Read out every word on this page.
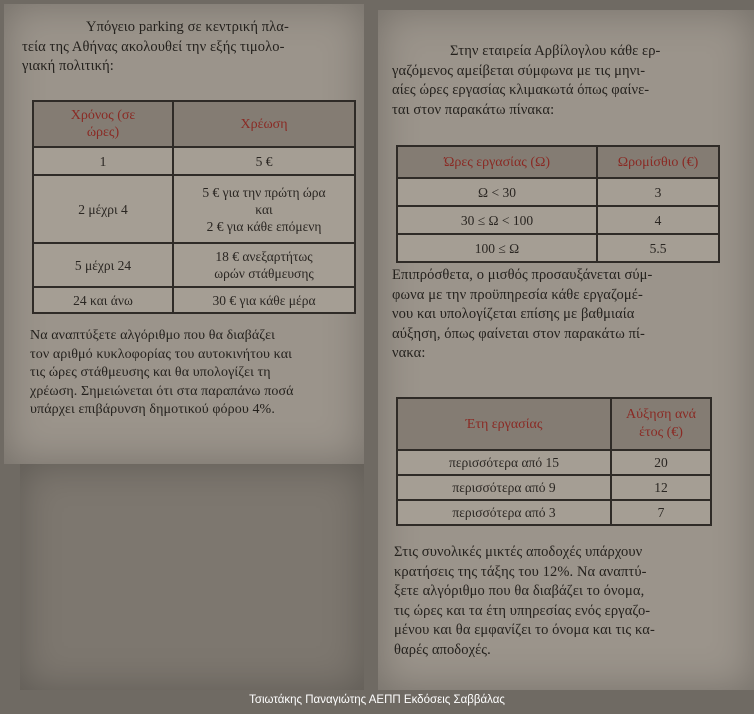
Υπόγειο parking σε κεντρική πλα-
τεία της Αθήνας ακολουθεί την εξής τιμολο-
γιακή πολιτική:
Χρόνος (σε ώρες)	Χρέωση
1	5 €
2 μέχρι 4	5 € για την πρώτη ώρα
και
2 € για κάθε επόμενη

5 μέχρι 24	18 € ανεξαρτήτως
ωρών στάθμευσης

24 και άνω	30 € για κάθε μέρα
Να αναπτύξετε αλγόριθμο που θα διαβάζει
τον αριθμό κυκλοφορίας του αυτοκινήτου και
τις ώρες στάθμευσης και θα υπολογίζει τη
χρέωση. Σημειώνεται ότι στα παραπάνω ποσά
υπάρχει επιβάρυνση δημοτικού φόρου 4%.
Στην εταιρεία Αρβίλογλου κάθε ερ-
γαζόμενος αμείβεται σύμφωνα με τις μηνι-
αίες ώρες εργασίας κλιμακωτά όπως φαίνε-
ται στον παρακάτω πίνακα:
Ώρες εργασίας (Ω)	Ωρομίσθιο (€)
Ω < 30	3
30 ≤ Ω < 100	4
100 ≤ Ω	5.5
Επιπρόσθετα, ο μισθός προσαυξάνεται σύμ-
φωνα με την προϋπηρεσία κάθε εργαζομέ-
νου και υπολογίζεται επίσης με βαθμιαία
αύξηση, όπως φαίνεται στον παρακάτω πί-
νακα:
Έτη εργασίας	Αύξηση ανά έτος (€)
περισσότερα από 15	20
περισσότερα από 9	12
περισσότερα από 3	7
Στις συνολικές μικτές αποδοχές υπάρχουν
κρατήσεις της τάξης του 12%. Να αναπτύ-
ξετε αλγόριθμο που θα διαβάζει το όνομα,
τις ώρες και τα έτη υπηρεσίας ενός εργαζο-
μένου και θα εμφανίζει το όνομα και τις κα-
θαρές αποδοχές.
Τσιωτάκης Παναγιώτης ΑΕΠΠ Εκδόσεις Σαββάλας
